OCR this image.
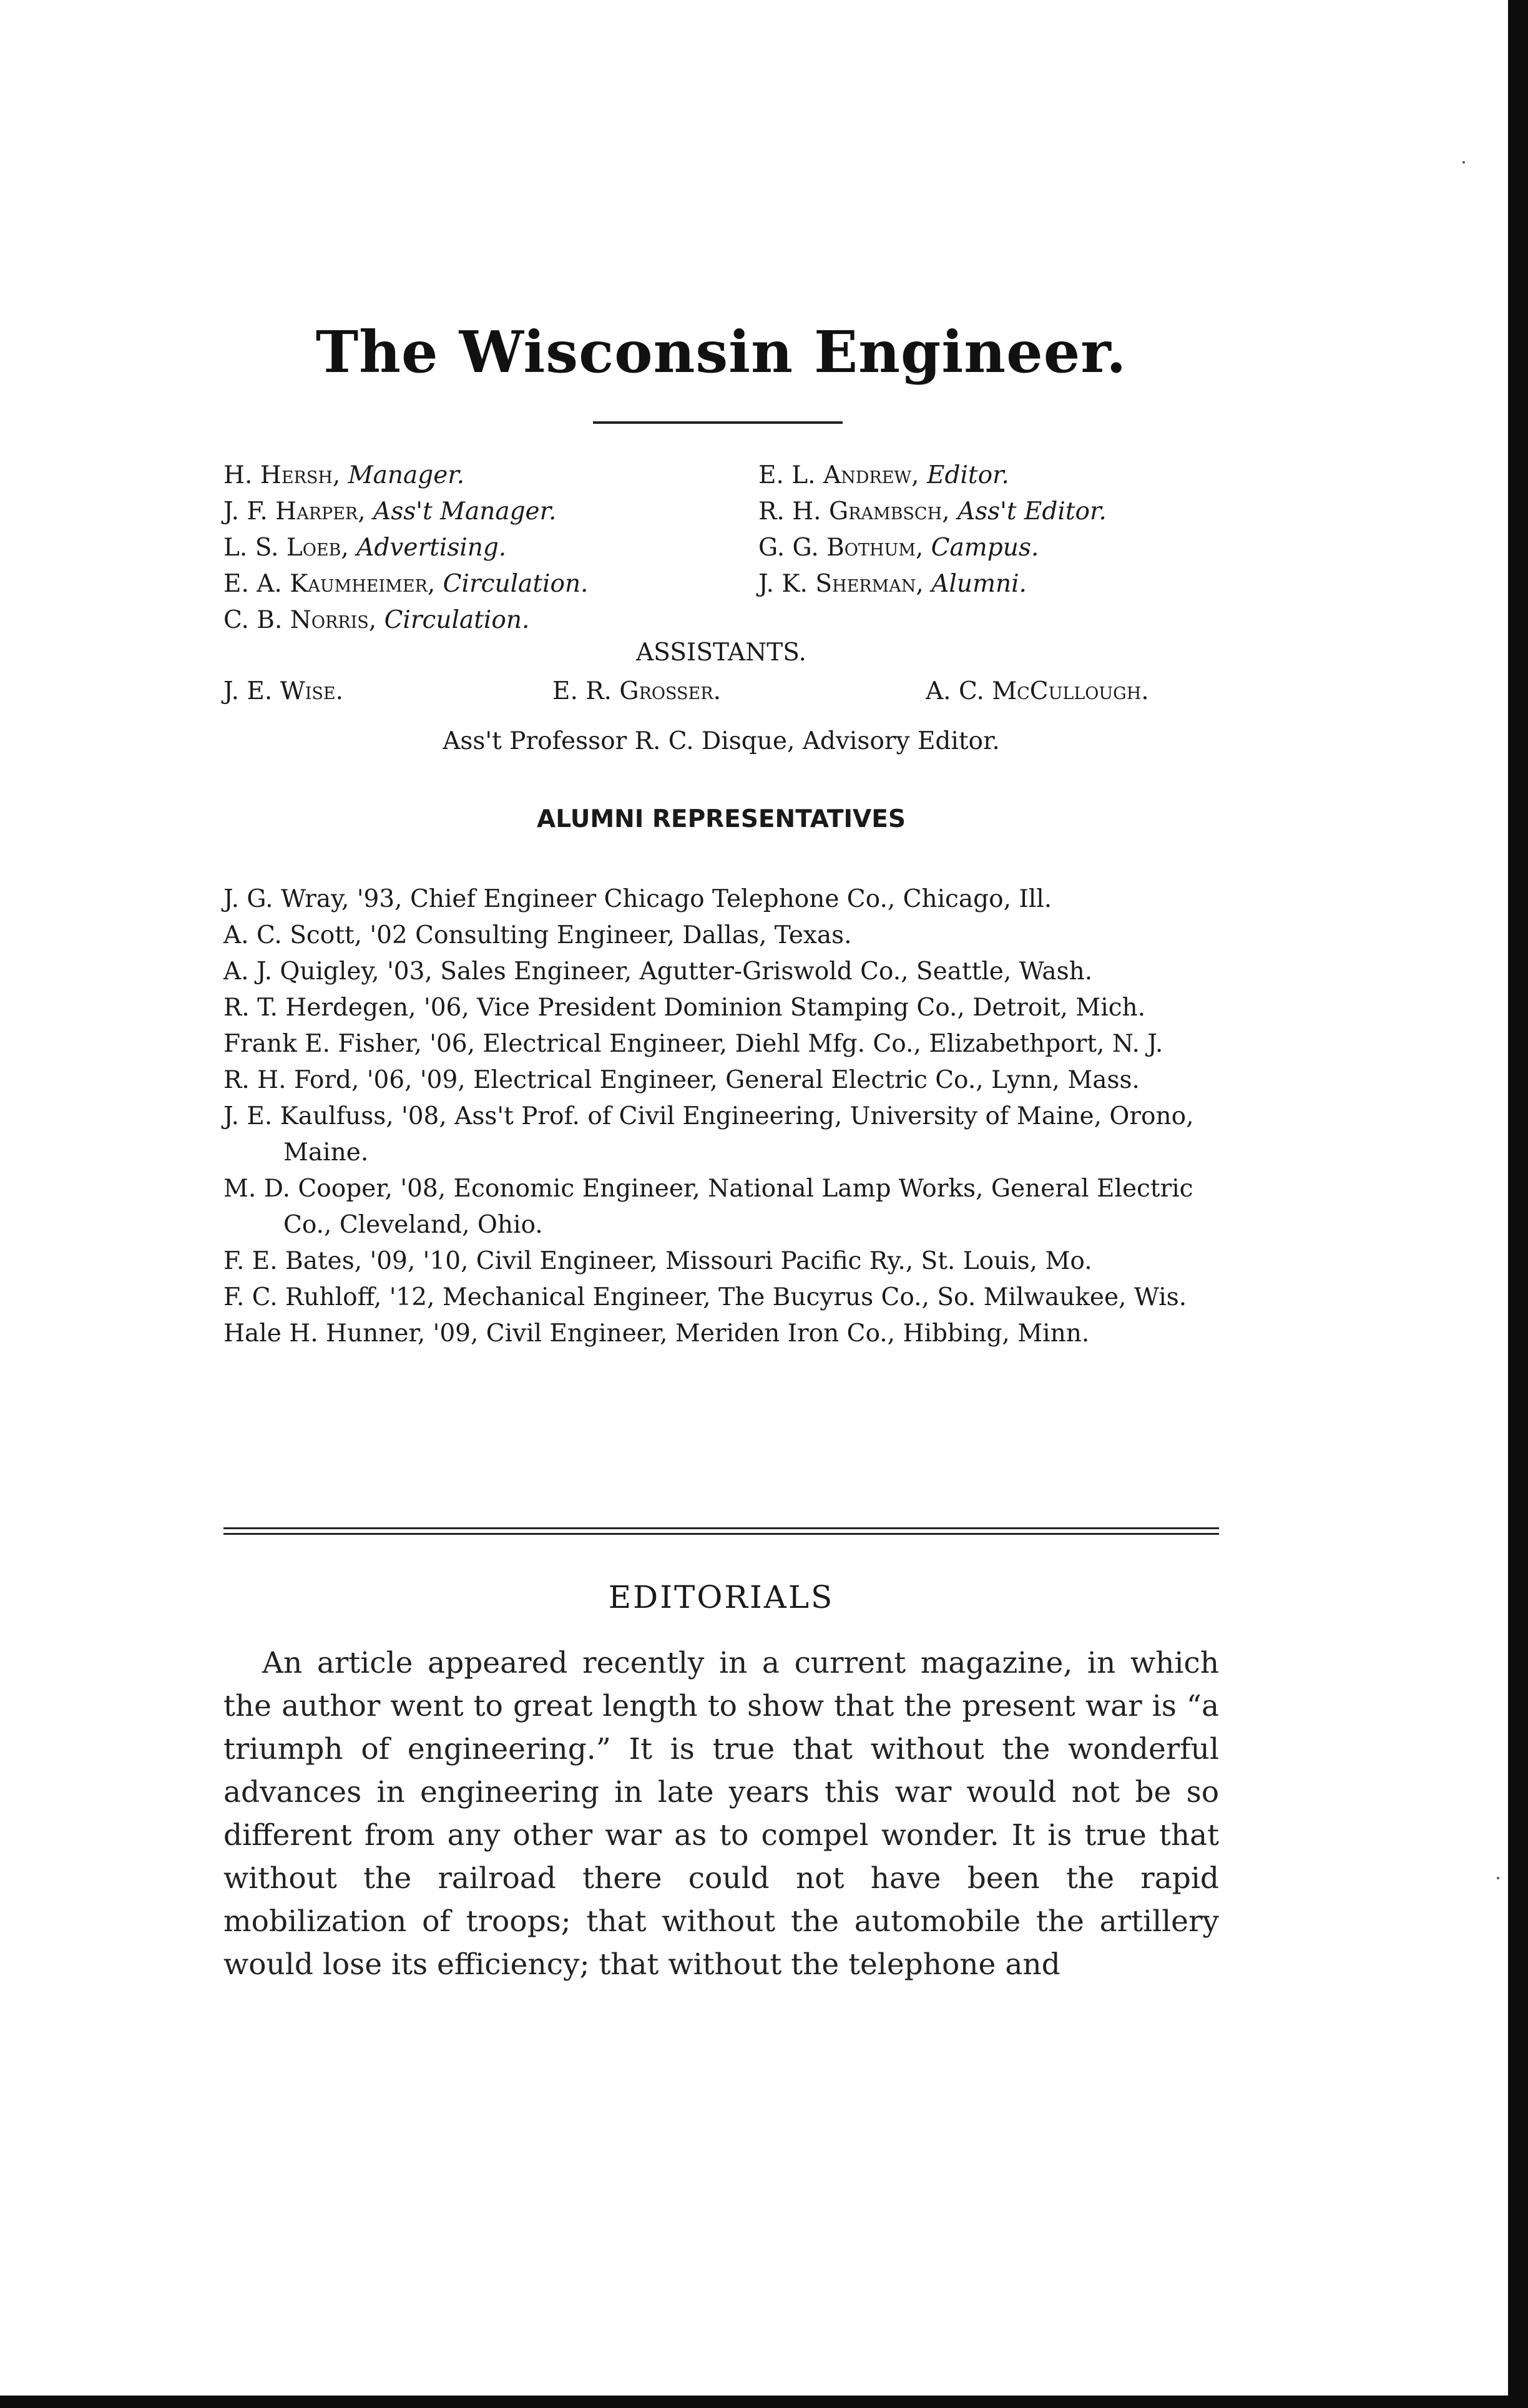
The Wisconsin Engineer.
H. Hersh, Manager.
J. F. Harper, Ass't Manager.
L. S. Loeb, Advertising.
E. A. Kaumheimer, Circulation.
C. B. Norris, Circulation.
E. L. Andrew, Editor.
R. H. Grambsch, Ass't Editor.
G. G. Bothum, Campus.
J. K. Sherman, Alumni.
ASSISTANTS.
J. E. Wise.	E. R. Grosser.	A. C. McCullough.
Ass't Professor R. C. Disque, Advisory Editor.
ALUMNI REPRESENTATIVES
J. G. Wray, '93, Chief Engineer Chicago Telephone Co., Chicago, Ill.
A. C. Scott, '02 Consulting Engineer, Dallas, Texas.
A. J. Quigley, '03, Sales Engineer, Agutter-Griswold Co., Seattle, Wash.
R. T. Herdegen, '06, Vice President Dominion Stamping Co., Detroit, Mich.
Frank E. Fisher, '06, Electrical Engineer, Diehl Mfg. Co., Elizabethport, N. J.
R. H. Ford, '06, '09, Electrical Engineer, General Electric Co., Lynn, Mass.
J. E. Kaulfuss, '08, Ass't Prof. of Civil Engineering, University of Maine, Orono, Maine.
M. D. Cooper, '08, Economic Engineer, National Lamp Works, General Electric Co., Cleveland, Ohio.
F. E. Bates, '09, '10, Civil Engineer, Missouri Pacific Ry., St. Louis, Mo.
F. C. Ruhloff, '12, Mechanical Engineer, The Bucyrus Co., So. Milwaukee, Wis.
Hale H. Hunner, '09, Civil Engineer, Meriden Iron Co., Hibbing, Minn.
EDITORIALS
An article appeared recently in a current magazine, in which the author went to great length to show that the present war is “a triumph of engineering.” It is true that without the wonderful advances in engineering in late years this war would not be so different from any other war as to compel wonder. It is true that without the railroad there could not have been the rapid mobilization of troops; that without the automobile the artillery would lose its efficiency; that without the telephone and
